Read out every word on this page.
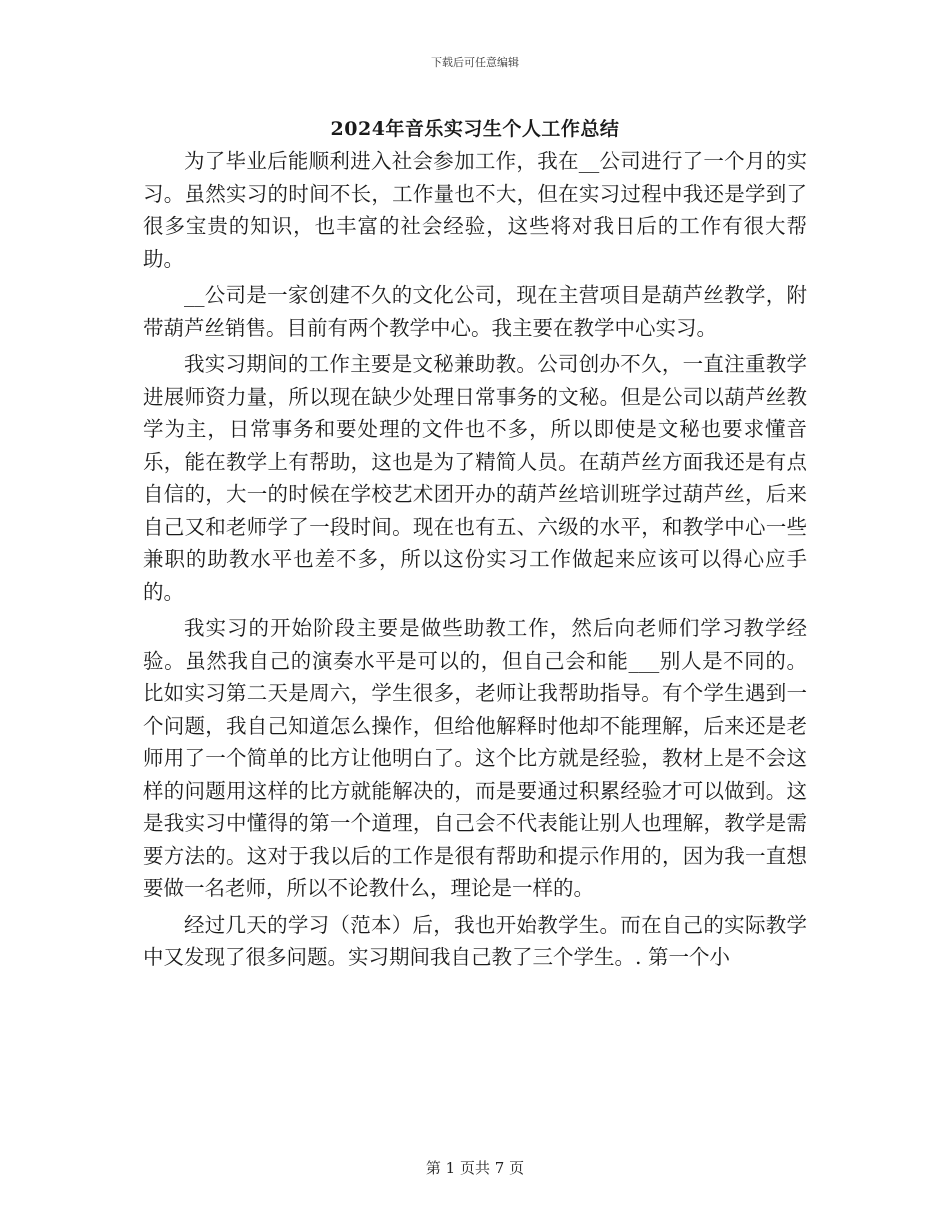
下载后可任意编辑
2024年音乐实习生个人工作总结

为了毕业后能顺利进入社会参加工作，我在__公司进行了一个月的实习。虽然实习的时间不长，工作量也不大，但在实习过程中我还是学到了很多宝贵的知识，也丰富的社会经验，这些将对我日后的工作有很大帮助。

__公司是一家创建不久的文化公司，现在主营项目是葫芦丝教学，附带葫芦丝销售。目前有两个教学中心。我主要在教学中心实习。

我实习期间的工作主要是文秘兼助教。公司创办不久，一直注重教学进展师资力量，所以现在缺少处理日常事务的文秘。但是公司以葫芦丝教学为主，日常事务和要处理的文件也不多，所以即使是文秘也要求懂音乐，能在教学上有帮助，这也是为了精简人员。在葫芦丝方面我还是有点自信的，大一的时候在学校艺术团开办的葫芦丝培训班学过葫芦丝，后来自己又和老师学了一段时间。现在也有五、六级的水平，和教学中心一些兼职的助教水平也差不多，所以这份实习工作做起来应该可以得心应手的。

我实习的开始阶段主要是做些助教工作，然后向老师们学习教学经验。虽然我自己的演奏水平是可以的，但自己会和能___别人是不同的。比如实习第二天是周六，学生很多，老师让我帮助指导。有个学生遇到一个问题，我自己知道怎么操作，但给他解释时他却不能理解，后来还是老师用了一个简单的比方让他明白了。这个比方就是经验，教材上是不会这样的问题用这样的比方就能解决的，而是要通过积累经验才可以做到。这是我实习中懂得的第一个道理，自己会不代表能让别人也理解，教学是需要方法的。这对于我以后的工作是很有帮助和提示作用的，因为我一直想要做一名老师，所以不论教什么，理论是一样的。

经过几天的学习（范本）后，我也开始教学生。而在自己的实际教学中又发现了很多问题。实习期间我自己教了三个学生。. 第一个小

第 1 页共 7 页
